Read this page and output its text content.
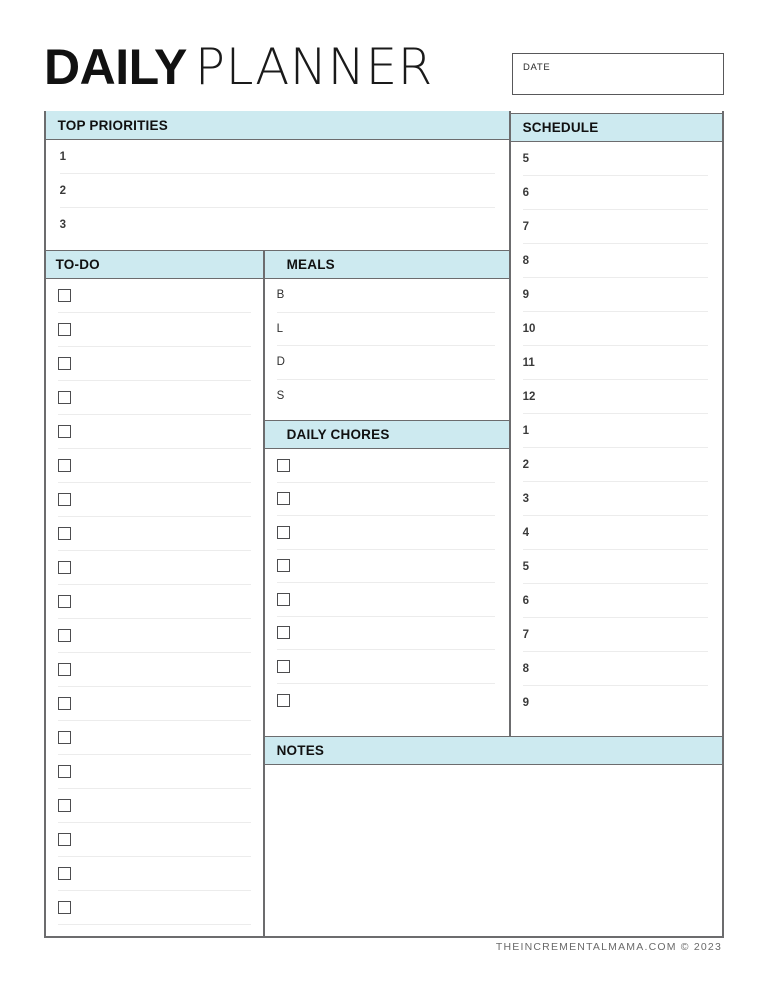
DAILY PLANNER	DATE
TOP PRIORITIES
1
2
3
TO-DO	MEALS
B
L
D
S
DAILY CHORES
SCHEDULE
5
6
7
8
9
10
11
12
1
2
3
4
5
6
7
8
9
NOTES
THEINCREMENTALMAMA.COM © 2023
